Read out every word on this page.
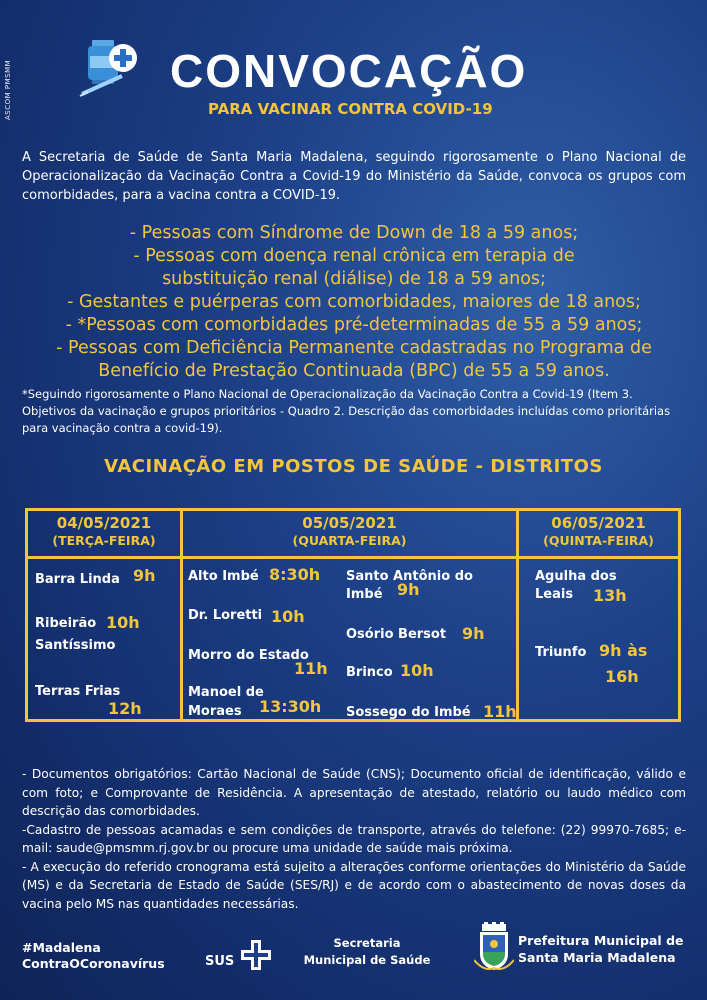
ASCOM PMSMM	CONVOCAÇÃO
PARA VACINAR CONTRA COVID-19
A Secretaria de Saúde de Santa Maria Madalena, seguindo rigorosamente o Plano Nacional de Operacionalização da Vacinação Contra a Covid-19 do Ministério da Saúde, convoca os grupos com comorbidades, para a vacina contra a COVID-19.
- Pessoas com Síndrome de Down de 18 a 59 anos;
- Pessoas com doença renal crônica em terapia de
substituição renal (diálise) de 18 a 59 anos;
- Gestantes e puérperas com comorbidades, maiores de 18 anos;
- *Pessoas com comorbidades pré-determinadas de 55 a 59 anos;
- Pessoas com Deficiência Permanente cadastradas no Programa de
Benefício de Prestação Continuada (BPC) de 55 a 59 anos.
*Seguindo rigorosamente o Plano Nacional de Operacionalização da Vacinação Contra a Covid-19 (Item 3. Objetivos da vacinação e grupos prioritários - Quadro 2. Descrição das comorbidades incluídas como prioritárias para vacinação contra a covid-19).
VACINAÇÃO EM POSTOS DE SAÚDE - DISTRITOS
04/05/2021
(TERÇA-FEIRA)
05/05/2021
(QUARTA-FEIRA)
06/05/2021
(QUINTA-FEIRA)
Barra Linda 9h
Ribeirão 10h
Santíssimo
Terras Frias
12h
Alto Imbé 8:30h
Dr. Loretti 10h
Morro do Estado
11h
Manoel de
Moraes 13:30h
Santo Antônio do
Imbé 9h
Osório Bersot 9h
Brinco 10h
Sossego do Imbé 11h
Agulha dos
Leais 13h
Triunfo 9h às
16h

- Documentos obrigatórios: Cartão Nacional de Saúde (CNS); Documento oficial de identificação, válido e com foto; e Comprovante de Residência. A apresentação de atestado, relatório ou laudo médico com descrição das comorbidades.

-Cadastro de pessoas acamadas e sem condições de transporte, através do telefone: (22) 99970-7685; e-mail: saude@pmsmm.rj.gov.br ou procure uma unidade de saúde mais próxima.

- A execução do referido cronograma está sujeito a alterações conforme orientações do Ministério da Saúde (MS) e da Secretaria de Estado de Saúde (SES/RJ) e de acordo com o abastecimento de novas doses da vacina pelo MS nas quantidades necessárias.

#Madalena
ContraOCoronavírus	SUS
Secretaria
Municipal de Saúde
Prefeitura Municipal de
Santa Maria Madalena
